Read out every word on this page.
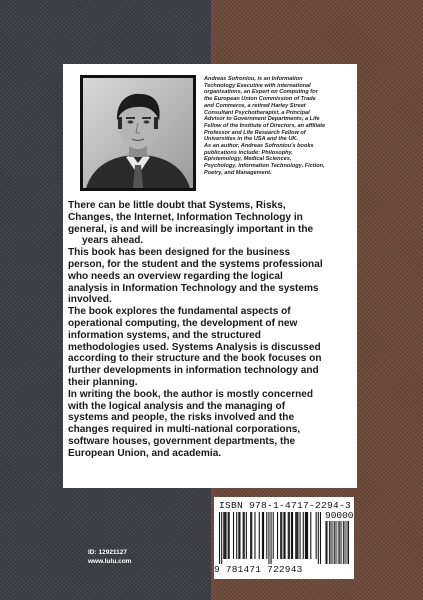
Andreas Sofroniou, is an Information

Technology Executive with international

organisations, an Expert on Computing for

the European Union Commission of Trade

and Commerce, a retired Harley Street

Consultant Psychotherapist, a Principal

Advisor to Government Departments, a Life

Fellow of the Institute of Directors, an affiliate

Professor and Life Research Fellow of

Universities in the USA and the UK.

As an author, Andreas Sofroniou's books

publications include: Philosophy,

Epistemology, Medical Sciences,

Psychology, Information Technology, Fiction,

Poetry, and Management.

There can be little doubt that Systems, Risks,

Changes, the Internet, Information Technology in

general, is and will be increasingly important in the

years ahead.

This book has been designed for the business

person, for the student and the systems professional

who needs an overview regarding the logical

analysis in Information Technology and the systems

involved.

The book explores the fundamental aspects of

operational computing, the development of new

information systems, and the structured

methodologies used. Systems Analysis is discussed

according to their structure and the book focuses on

further developments in information technology and

their planning.

In writing the book, the author is mostly concerned

with the logical analysis and the managing of

systems and people, the risks involved and the

changes required in multi-national corporations,

software houses, government departments, the

European Union, and academia.

ID: 12921127
www.lulu.com
ISBN 978-1-4717-2294-3
90000
9 781471 722943
